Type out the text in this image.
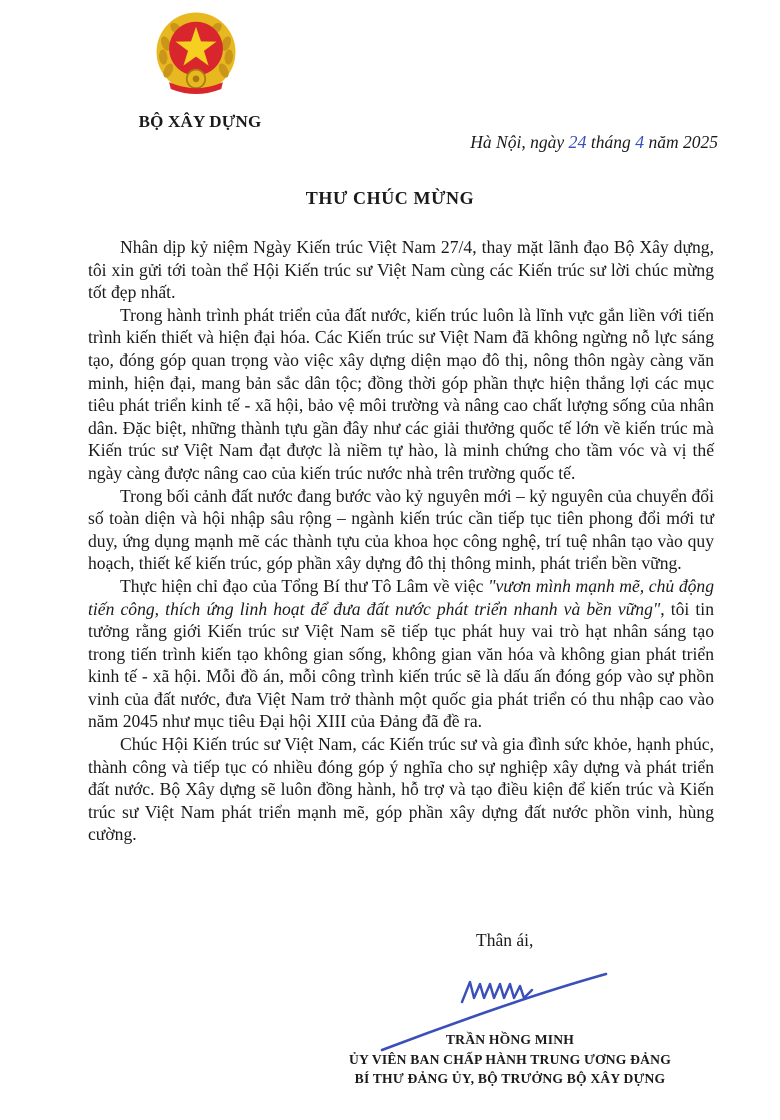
BỘ XÂY DỰNG
Hà Nội, ngày 24 tháng 4 năm 2025
THƯ CHÚC MỪNG

Nhân dịp kỷ niệm Ngày Kiến trúc Việt Nam 27/4, thay mặt lãnh đạo Bộ Xây dựng, tôi xin gửi tới toàn thể Hội Kiến trúc sư Việt Nam cùng các Kiến trúc sư lời chúc mừng tốt đẹp nhất.

Trong hành trình phát triển của đất nước, kiến trúc luôn là lĩnh vực gắn liền với tiến trình kiến thiết và hiện đại hóa. Các Kiến trúc sư Việt Nam đã không ngừng nỗ lực sáng tạo, đóng góp quan trọng vào việc xây dựng diện mạo đô thị, nông thôn ngày càng văn minh, hiện đại, mang bản sắc dân tộc; đồng thời góp phần thực hiện thắng lợi các mục tiêu phát triển kinh tế - xã hội, bảo vệ môi trường và nâng cao chất lượng sống của nhân dân. Đặc biệt, những thành tựu gần đây như các giải thưởng quốc tế lớn về kiến trúc mà Kiến trúc sư Việt Nam đạt được là niềm tự hào, là minh chứng cho tầm vóc và vị thế ngày càng được nâng cao của kiến trúc nước nhà trên trường quốc tế.

Trong bối cảnh đất nước đang bước vào kỷ nguyên mới – kỷ nguyên của chuyển đổi số toàn diện và hội nhập sâu rộng – ngành kiến trúc cần tiếp tục tiên phong đổi mới tư duy, ứng dụng mạnh mẽ các thành tựu của khoa học công nghệ, trí tuệ nhân tạo vào quy hoạch, thiết kế kiến trúc, góp phần xây dựng đô thị thông minh, phát triển bền vững.

Thực hiện chỉ đạo của Tổng Bí thư Tô Lâm về việc "vươn mình mạnh mẽ, chủ động tiến công, thích ứng linh hoạt để đưa đất nước phát triển nhanh và bền vững", tôi tin tưởng rằng giới Kiến trúc sư Việt Nam sẽ tiếp tục phát huy vai trò hạt nhân sáng tạo trong tiến trình kiến tạo không gian sống, không gian văn hóa và không gian phát triển kinh tế - xã hội. Mỗi đồ án, mỗi công trình kiến trúc sẽ là dấu ấn đóng góp vào sự phồn vinh của đất nước, đưa Việt Nam trở thành một quốc gia phát triển có thu nhập cao vào năm 2045 như mục tiêu Đại hội XIII của Đảng đã đề ra.

Chúc Hội Kiến trúc sư Việt Nam, các Kiến trúc sư và gia đình sức khỏe, hạnh phúc, thành công và tiếp tục có nhiều đóng góp ý nghĩa cho sự nghiệp xây dựng và phát triển đất nước. Bộ Xây dựng sẽ luôn đồng hành, hỗ trợ và tạo điều kiện để kiến trúc và Kiến trúc sư Việt Nam phát triển mạnh mẽ, góp phần xây dựng đất nước phồn vinh, hùng cường.

Thân ái,
TRẦN HỒNG MINH
ỦY VIÊN BAN CHẤP HÀNH TRUNG ƯƠNG ĐẢNG
BÍ THƯ ĐẢNG ỦY, BỘ TRƯỞNG BỘ XÂY DỰNG
